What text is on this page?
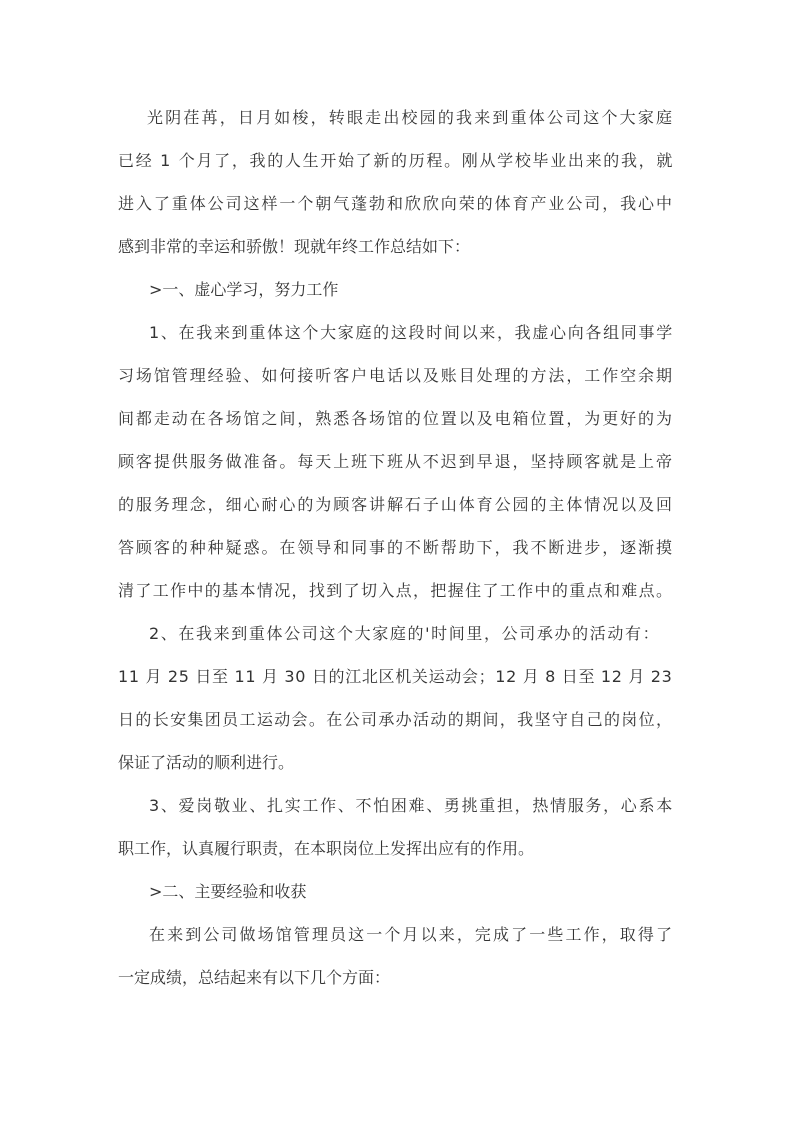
光阴荏苒，日月如梭，转眼走出校园的我来到重体公司这个大家庭
已经 1 个月了，我的人生开始了新的历程。刚从学校毕业出来的我，就
进入了重体公司这样一个朝气蓬勃和欣欣向荣的体育产业公司，我心中
感到非常的幸运和骄傲！现就年终工作总结如下：
>一、虚心学习，努力工作
1、在我来到重体这个大家庭的这段时间以来，我虚心向各组同事学
习场馆管理经验、如何接听客户电话以及账目处理的方法，工作空余期
间都走动在各场馆之间，熟悉各场馆的位置以及电箱位置，为更好的为
顾客提供服务做准备。每天上班下班从不迟到早退，坚持顾客就是上帝
的服务理念，细心耐心的为顾客讲解石子山体育公园的主体情况以及回
答顾客的种种疑惑。在领导和同事的不断帮助下，我不断进步，逐渐摸
清了工作中的基本情况，找到了切入点，把握住了工作中的重点和难点。
2、在我来到重体公司这个大家庭的'时间里，公司承办的活动有：
11 月 25 日至 11 月 30 日的江北区机关运动会；12 月 8 日至 12 月 23
日的长安集团员工运动会。在公司承办活动的期间，我坚守自己的岗位，
保证了活动的顺利进行。
3、爱岗敬业、扎实工作、不怕困难、勇挑重担，热情服务，心系本
职工作，认真履行职责，在本职岗位上发挥出应有的作用。
>二、主要经验和收获
在来到公司做场馆管理员这一个月以来，完成了一些工作，取得了
一定成绩，总结起来有以下几个方面：
